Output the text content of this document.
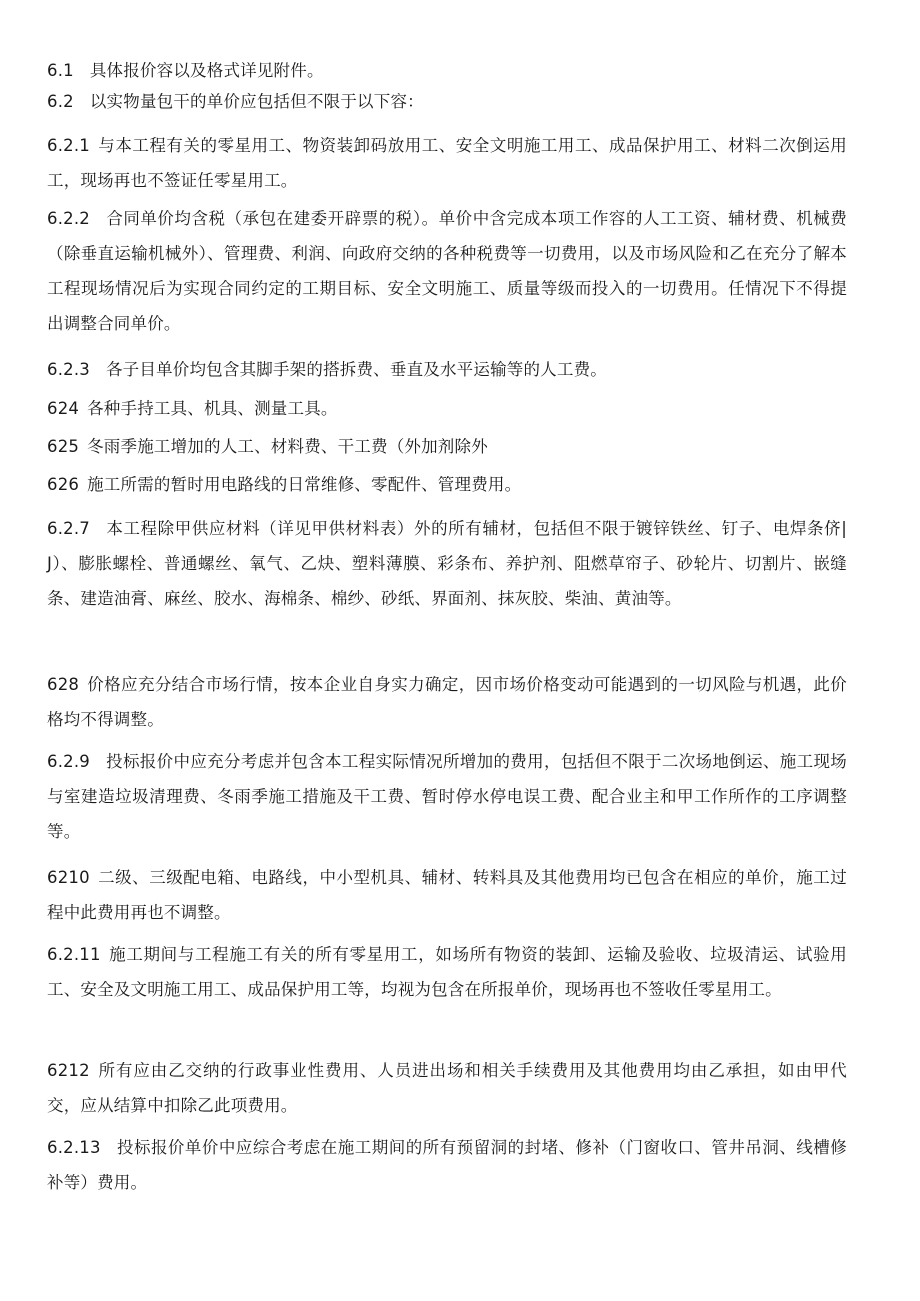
6.1 具体报价容以及格式详见附件。
6.2 以实物量包干的单价应包括但不限于以下容：
6.2.1 与本工程有关的零星用工、物资装卸码放用工、安全文明施工用工、成品保护用工、材料二次倒运用工，现场再也不签证任零星用工。
6.2.2 合同单价均含税（承包在建委开辟票的税）。单价中含完成本项工作容的人工工资、辅材费、机械费（除垂直运输机械外）、管理费、利润、向政府交纳的各种税费等一切费用，以及市场风险和乙在充分了解本工程现场情况后为实现合同约定的工期目标、安全文明施工、质量等级而投入的一切费用。任情况下不得提出调整合同单价。
6.2.3 各子目单价均包含其脚手架的搭拆费、垂直及水平运输等的人工费。
624 各种手持工具、机具、测量工具。
625 冬雨季施工增加的人工、材料费、干工费（外加剂除外
626 施工所需的暂时用电路线的日常维修、零配件、管理费用。
6.2.7 本工程除甲供应材料（详见甲供材料表）外的所有辅材，包括但不限于镀锌铁丝、钉子、电焊条侪|J）、膨胀螺栓、普通螺丝、氧气、乙炔、塑料薄膜、彩条布、养护剂、阻燃草帘子、砂轮片、切割片、嵌缝条、建造油膏、麻丝、胶水、海棉条、棉纱、砂纸、界面剂、抹灰胶、柴油、黄油等。
628 价格应充分结合市场行情，按本企业自身实力确定，因市场价格变动可能遇到的一切风险与机遇，此价格均不得调整。
6.2.9 投标报价中应充分考虑并包含本工程实际情况所增加的费用，包括但不限于二次场地倒运、施工现场与室建造垃圾清理费、冬雨季施工措施及干工费、暂时停水停电误工费、配合业主和甲工作所作的工序调整等。
6210 二级、三级配电箱、电路线，中小型机具、辅材、转料具及其他费用均已包含在相应的单价，施工过程中此费用再也不调整。
6.2.11 施工期间与工程施工有关的所有零星用工，如场所有物资的装卸、运输及验收、垃圾清运、试验用工、安全及文明施工用工、成品保护用工等，均视为包含在所报单价，现场再也不签收任零星用工。
6212 所有应由乙交纳的行政事业性费用、人员进出场和相关手续费用及其他费用均由乙承担，如由甲代交，应从结算中扣除乙此项费用。
6.2.13 投标报价单价中应综合考虑在施工期间的所有预留洞的封堵、修补（门窗收口、管井吊洞、线槽修补等）费用。
